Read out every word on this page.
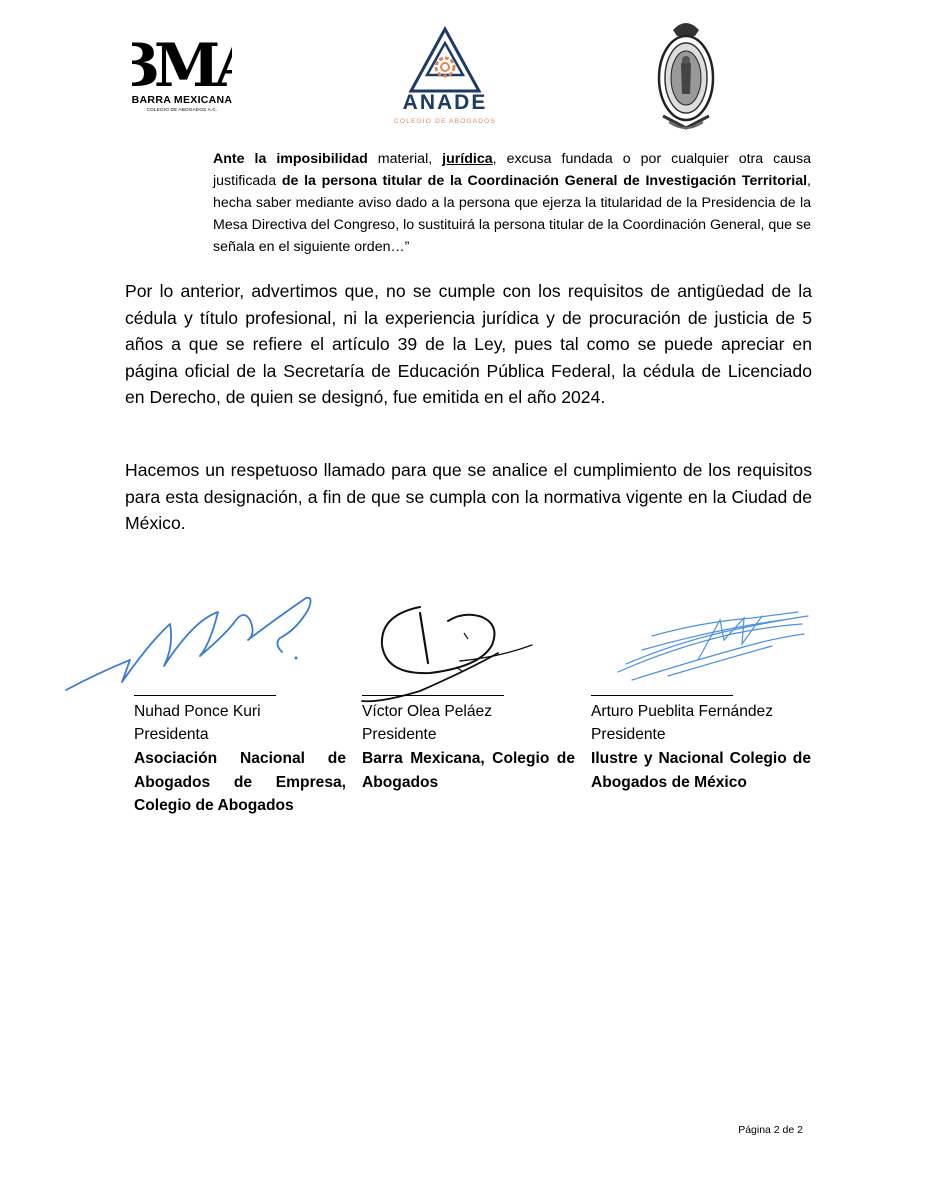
M
BARRA MEXICANA
COLEGIO DE ABOGADOS A.C.	ANADE
COLEGIO DE ABOGADOS
Ante la imposibilidad material, jurídica, excusa fundada o por cualquier otra causa justificada de la persona titular de la Coordinación General de Investigación Territorial, hecha saber mediante aviso dado a la persona que ejerza la titularidad de la Presidencia de la Mesa Directiva del Congreso, lo sustituirá la persona titular de la Coordinación General, que se señala en el siguiente orden…”
Por lo anterior, advertimos que, no se cumple con los requisitos de antigüedad de la cédula y título profesional, ni la experiencia jurídica y de procuración de justicia de 5 años a que se refiere el artículo 39 de la Ley, pues tal como se puede apreciar en página oficial de la Secretaría de Educación Pública Federal, la cédula de Licenciado en Derecho, de quien se designó, fue emitida en el año 2024.
Hacemos un respetuoso llamado para que se analice el cumplimiento de los requisitos para esta designación, a fin de que se cumpla con la normativa vigente en la Ciudad de México.
Nuhad Ponce Kuri
Presidenta
Asociación Nacional de Abogados de Empresa, Colegio de Abogados
Víctor Olea Peláez
Presidente
Barra Mexicana, Colegio de Abogados
Arturo Pueblita Fernández
Presidente
Ilustre y Nacional Colegio de Abogados de México
Página 2 de 2
